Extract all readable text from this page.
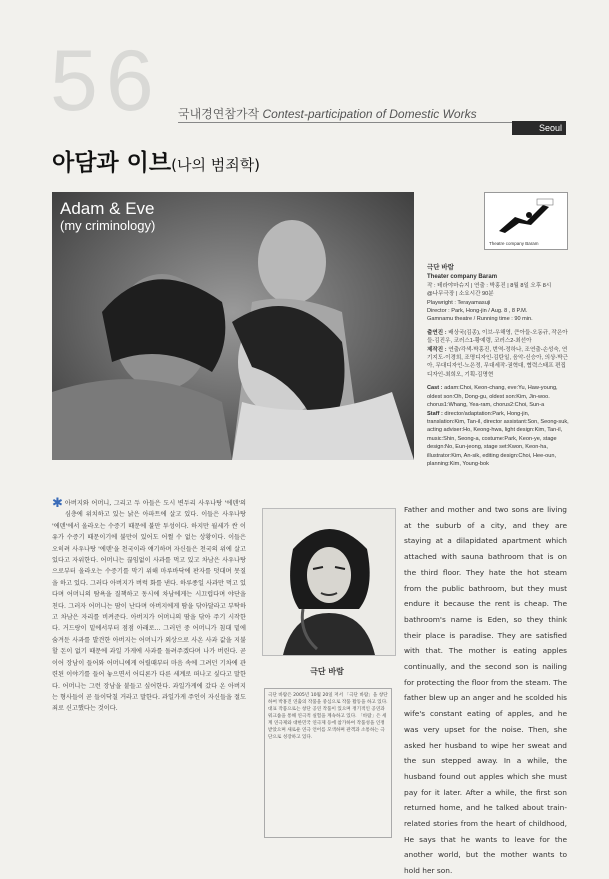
56 국내경연참가작 Contest-participation of Domestic Works
Seoul
아담과 이브(나의 범죄학)
Adam & Eve
(my criminology)
Theatre company Baram
극단 바람
Theater company Baram
작 : 테라야마슈지 | 연출 : 박홍진 | 8월 8일 오후 8시
@나무극장 | 소요시간 90분
Playwright : Terayamasuji
Director : Park, Hong-jin / Aug. 8 , 8 P.M.
Gamnamu theatre / Running time : 90 min.
출연진 : 배상국(김종), 이브-우해영, 큰아들-오동규, 작은아들-김진우, 코러스1-황예령, 코러스2-최선아
제작진 : 연출/각색-박홍진, 번역-정하나, 조연출-손성숙, 연기지도-이경희, 조명디자인-김탄일, 음악-신승아, 의상-박근아, 무대디자인-노은정, 무대세작-권혁대, 협력스태프 편집디자인-최희오, 기획-김명현
Cast : adam:Choi, Keon-chang, eve:Yu, Haw-young, oldest son:Oh, Dong-gu, oldest son:Kim, Jin-woo. chorus1:Whang, Yea-ram, chorus2:Choi, Sun-a
Staff : director/adaptation:Park, Hong-jin, translation:Kim, Tan-il, director assistant:Son, Seong-suk, acting adviser:Ho, Keong-hwa, light design:Kim, Tan-il, music:Shin, Seong-a, costume:Park, Keon-ye, stage design:No, Eun-jeong, stage set:Kwon, Keon-ha, illustrator:Kim, An-sik, editing design:Choi, Hee-oun, planning:Kim, Young-bok
✱ 아버지와 어머니, 그리고 두 아들은 도시 변두리 사우나탕 '에덴'의 심층에 위치하고 있는 낡은 아파트에 살고 있다. 이들은 사우나탕 '에덴'에서 올라오는 수증기 때문에 불만 투성이다. 하지만 월세가 싼 이유가 수증기 때문이기에 불만이 있어도 어쩔 수 없는 상황이다. 이들은 오히려 사우나탕 '에덴'을 천국이라 얘기하며 자신들은 천국의 위에 살고 있다고 자위한다. 어머니는 끊임없이 사과를 먹고 있고 차남은 사우나탕으로부터 올라오는 수증기를 막기 위해 마루바닥에 판자를 덧대며 못질을 하고 있다. 그러다 아버지가 버럭 화를 낸다. 하루종일 사과만 먹고 있다며 어머니의 탐욕을 질책하고 동시에 차남에게는 시끄럽다며 야단을 친다. 그러자 어머니는 땀이 난다며 아버지에게 땀을 닦아달라고 부탁하고 차남은 자리를 비켜준다. 아버지가 어머니의 땀을 닦아 주기 시작한다. 거드랑이 밑에서부터 점점 아래로... 그러던 중 어머니가 침대 밑에 숨겨둔 사과를 발견한 아버지는 어머니가 외상으로 사온 사과 값을 지불할 돈이 없기 때문에 과일 가게에 사과를 돌려주겠다며 나가 버린다. 곧이어 장남이 들어와 어머니에게 어릴때부터 마음 속에 그려던 기차에 관련된 이야기를 들어 놓으면서 어디론가 다른 세계로 떠나고 싶다고 말한다. 어머니는 그런 장남을 붙들고 싶어한다. 과일가게에 갔다 온 아버지는 형사들이 곧 들이닥칠 거라고 말한다. 과일가게 주인이 자신들을 절도죄로 신고했다는 것이다.
극단 바람
극단 바람은 2005년 10월 20일 저서 「극단 바람」을 창단하여 박홍진 연출의 작품을 중심으로 작품 활동을 하고 있다. 대표 작품으로는 창단 공연 작품이 있으며 정기적인 공연과 워크숍을 통해 연극적 실험을 계속하고 있다. 「바람」은 세계 연극제와 대한민국 연극제 등에 참가하여 작품성을 인정받았으며 새로운 연극 언어를 모색하며 관객과 소통하는 극단으로 성장하고 있다.
Father and mother and two sons are living at the suburb of a city, and they are staying at a dilapidated apartment which attached with sauna bathroom that is on the third floor. They hate the hot steam from the public bathroom, but they must endure it because the rent is cheap. The bathroom's name is Eden, so they think their place is paradise. They are satisfied with that. The mother is eating apples continually, and the second son is nailing for protecting the floor from the steam. The father blew up an anger and he scolded his wife's constant eating of apples, and he was very upset for the noise. Then, she asked her husband to wipe her sweat and the sun stepped away. In a while, the husband found out apples which she must pay for it later. After a while, the first son returned home, and he talked about train-related stories from the heart of childhood, He says that he wants to leave for the another world, but the mother wants to hold her son.
